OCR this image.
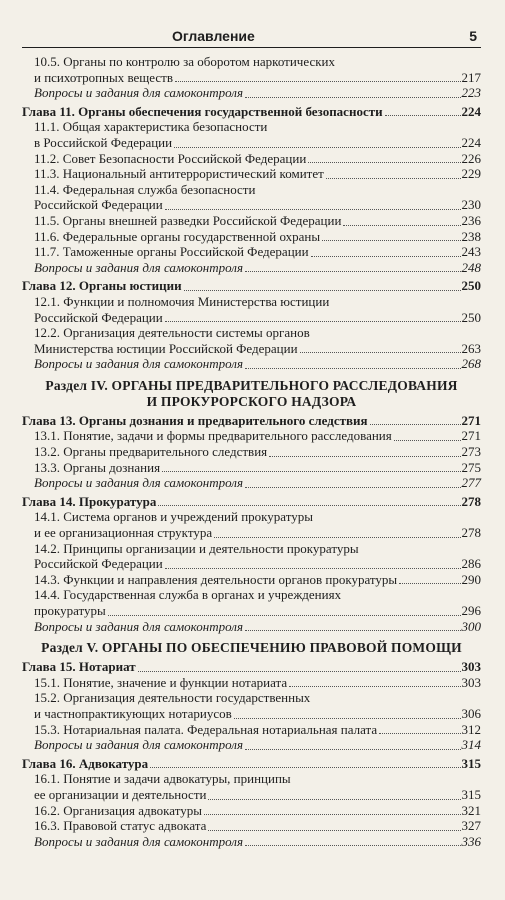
Оглавление	5
10.5. Органы по контролю за оборотом наркотических
и психотропных веществ	217
Вопросы и задания для самоконтроля	223
Глава 11. Органы обеспечения государственной безопасности	224
11.1. Общая характеристика безопасности
в Российской Федерации	224
11.2. Совет Безопасности Российской Федерации	226
11.3. Национальный антитеррористический комитет	229
11.4. Федеральная служба безопасности
Российской Федерации	230
11.5. Органы внешней разведки Российской Федерации	236
11.6. Федеральные органы государственной охраны	238
11.7. Таможенные органы Российской Федерации	243
Вопросы и задания для самоконтроля	248
Глава 12. Органы юстиции	250
12.1. Функции и полномочия Министерства юстиции
Российской Федерации	250
12.2. Организация деятельности системы органов
Министерства юстиции Российской Федерации	263
Вопросы и задания для самоконтроля	268
Раздел IV. ОРГАНЫ ПРЕДВАРИТЕЛЬНОГО РАССЛЕДОВАНИЯ
И ПРОКУРОРСКОГО НАДЗОРА
Глава 13. Органы дознания и предварительного следствия	271
13.1. Понятие, задачи и формы предварительного расследования	271
13.2. Органы предварительного следствия	273
13.3. Органы дознания	275
Вопросы и задания для самоконтроля	277
Глава 14. Прокуратура	278
14.1. Система органов и учреждений прокуратуры
и ее организационная структура	278
14.2. Принципы организации и деятельности прокуратуры
Российской Федерации	286
14.3. Функции и направления деятельности органов прокуратуры	290
14.4. Государственная служба в органах и учреждениях
прокуратуры	296
Вопросы и задания для самоконтроля	300
Раздел V. ОРГАНЫ ПО ОБЕСПЕЧЕНИЮ ПРАВОВОЙ ПОМОЩИ
Глава 15. Нотариат	303
15.1. Понятие, значение и функции нотариата	303
15.2. Организация деятельности государственных
и частнопрактикующих нотариусов	306
15.3. Нотариальная палата. Федеральная нотариальная палата	312
Вопросы и задания для самоконтроля	314
Глава 16. Адвокатура	315
16.1. Понятие и задачи адвокатуры, принципы
ее организации и деятельности	315
16.2. Организация адвокатуры	321
16.3. Правовой статус адвоката	327
Вопросы и задания для самоконтроля	336
